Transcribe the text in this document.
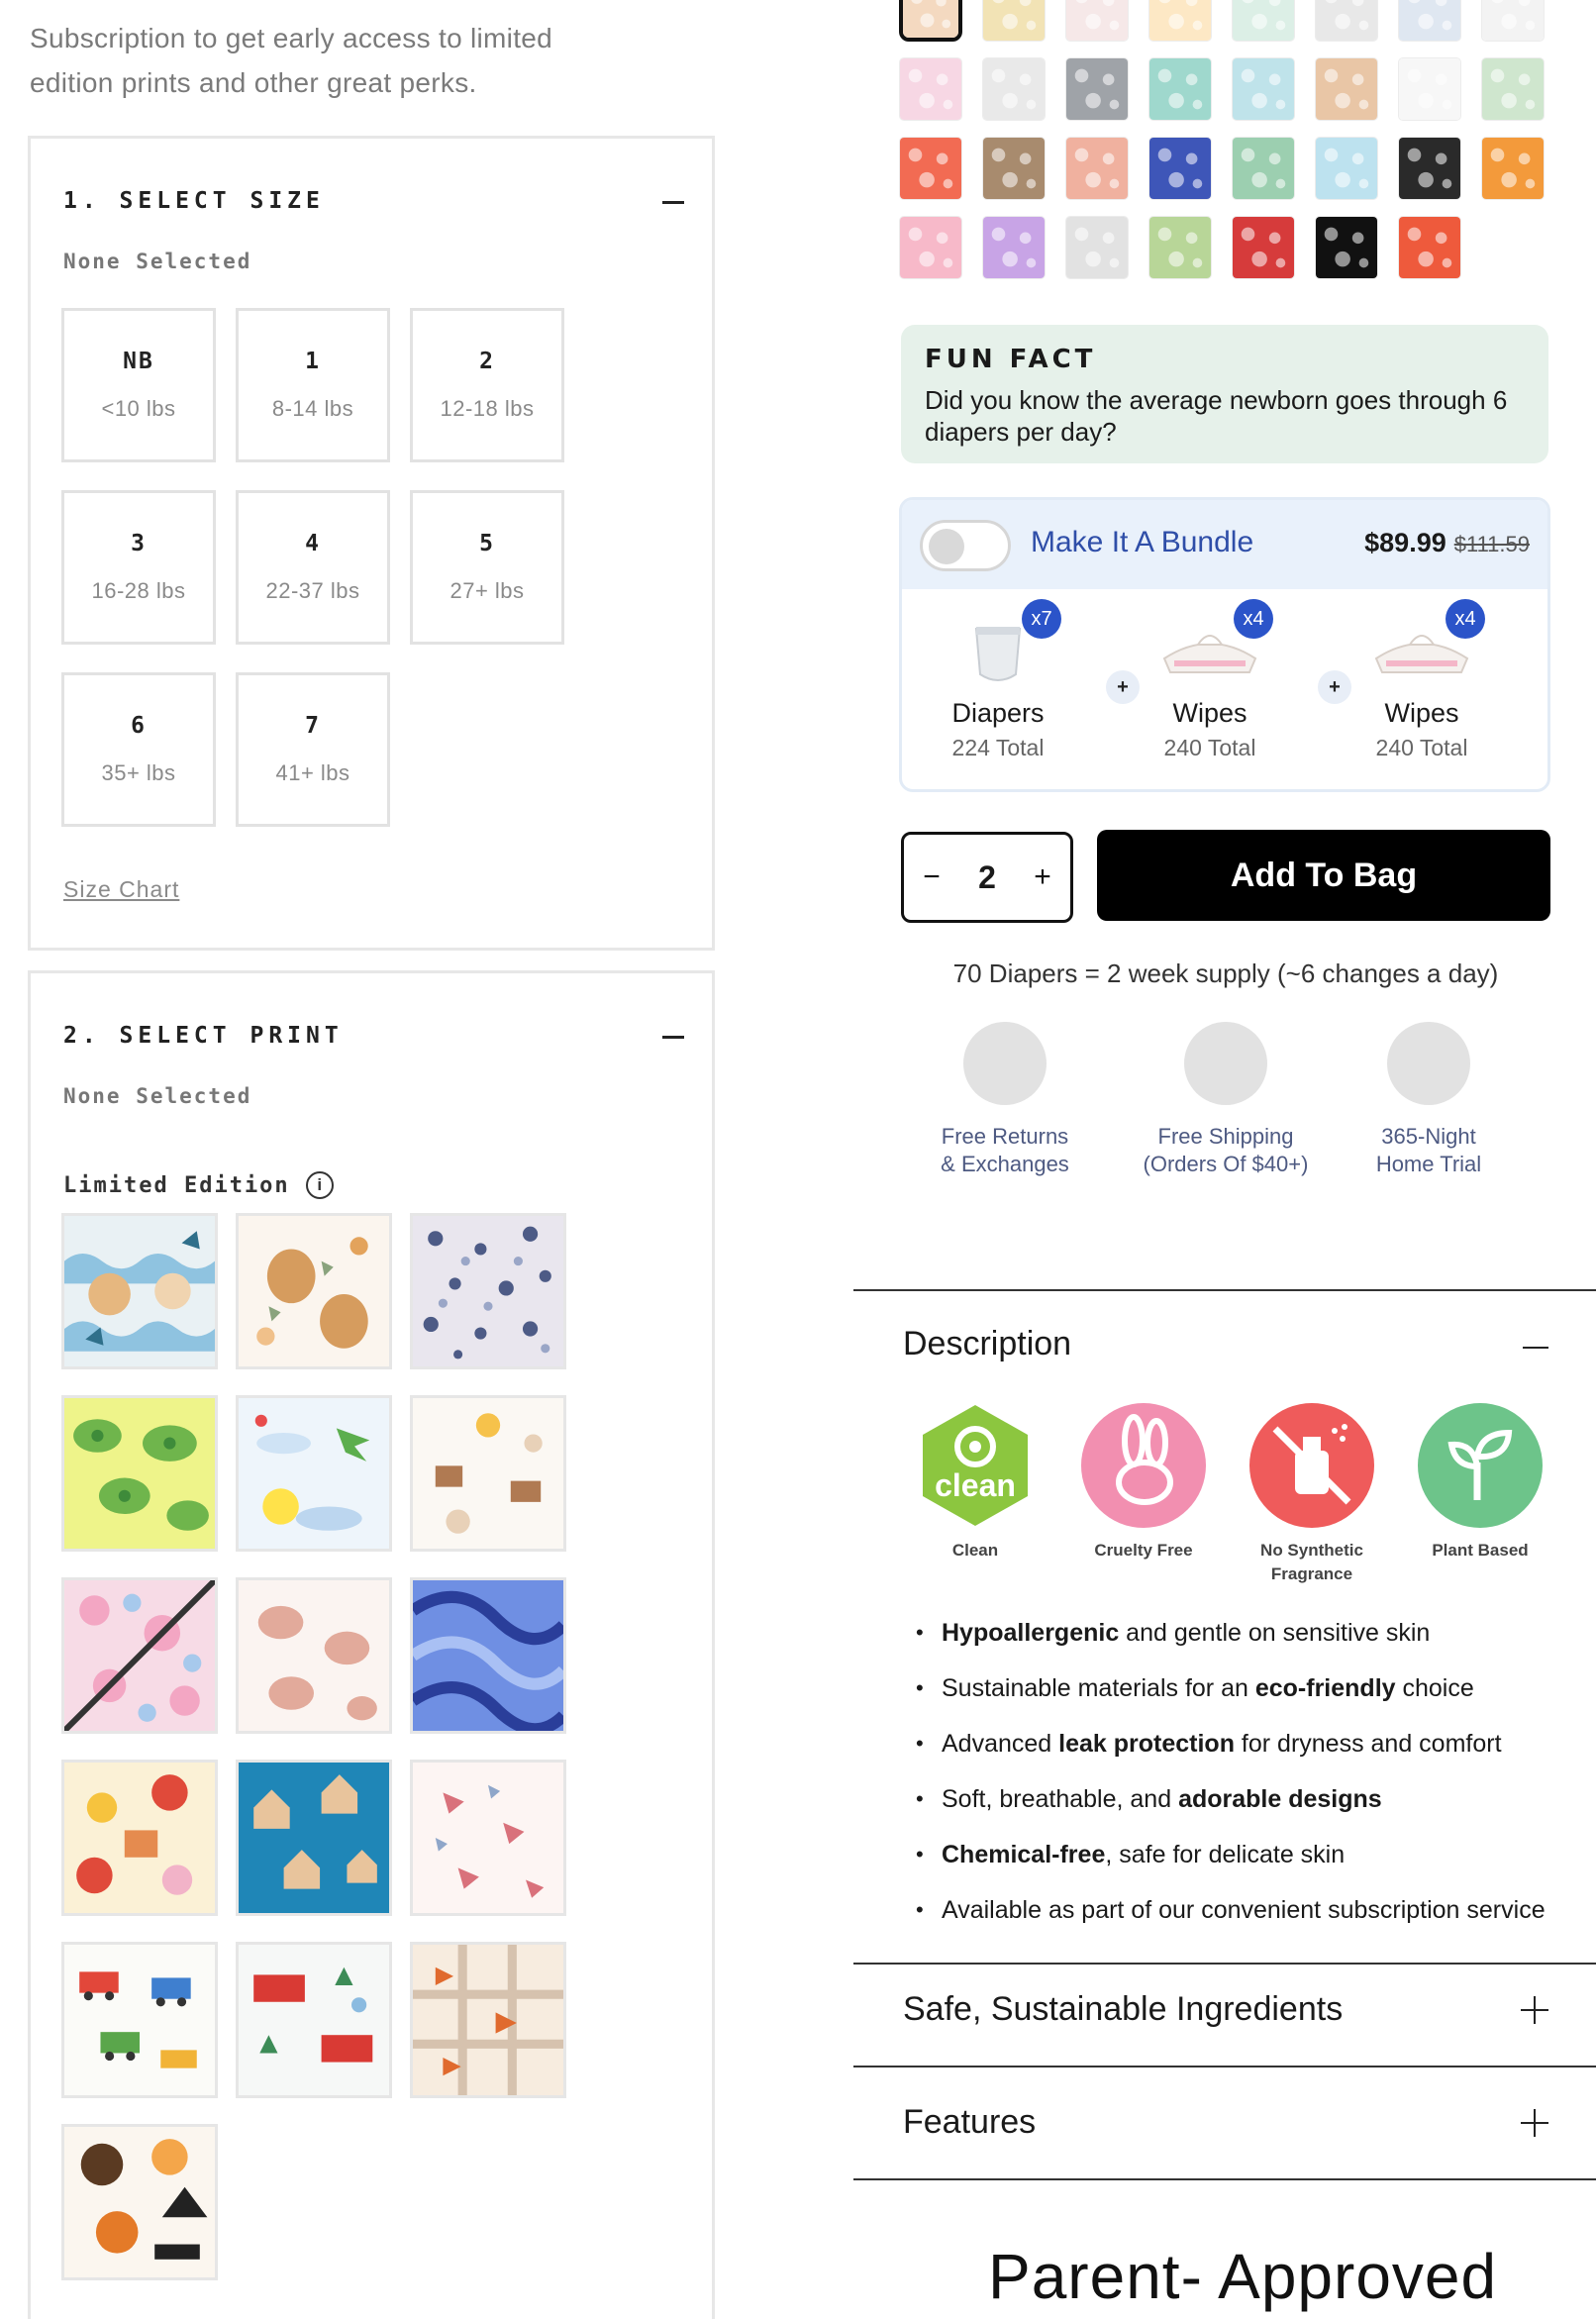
Subscription to get early access to limited
edition prints and other great perks.
1. SELECT SIZE
None Selected
NB
<10 lbs
1
8-14 lbs
2
12-18 lbs
3
16-28 lbs
4
22-37 lbs
5
27+ lbs
6
35+ lbs
7
41+ lbs
Size Chart
2. SELECT PRINT
None Selected
Limited Edition	i
FUN FACT
Did you know the average newborn goes through 6 diapers per day?
Make It A Bundle	$89.99 $111.59
x7
Diapers
224 Total
+
x4
Wipes
240 Total
+
x4
Wipes
240 Total
− 2 +	Add To Bag
70 Diapers = 2 week supply (~6 changes a day)
Free Returns
& Exchanges
Free Shipping
(Orders Of $40+)
365-Night
Home Trial
Description
clean
Clean	Cruelty Free	No Synthetic
Fragrance
Plant Based
• Hypoallergenic and gentle on sensitive skin
• Sustainable materials for an eco-friendly choice
• Advanced leak protection for dryness and comfort
• Soft, breathable, and adorable designs
• Chemical-free, safe for delicate skin
• Available as part of our convenient subscription service
Safe, Sustainable Ingredients
Features
Parent- Approved
